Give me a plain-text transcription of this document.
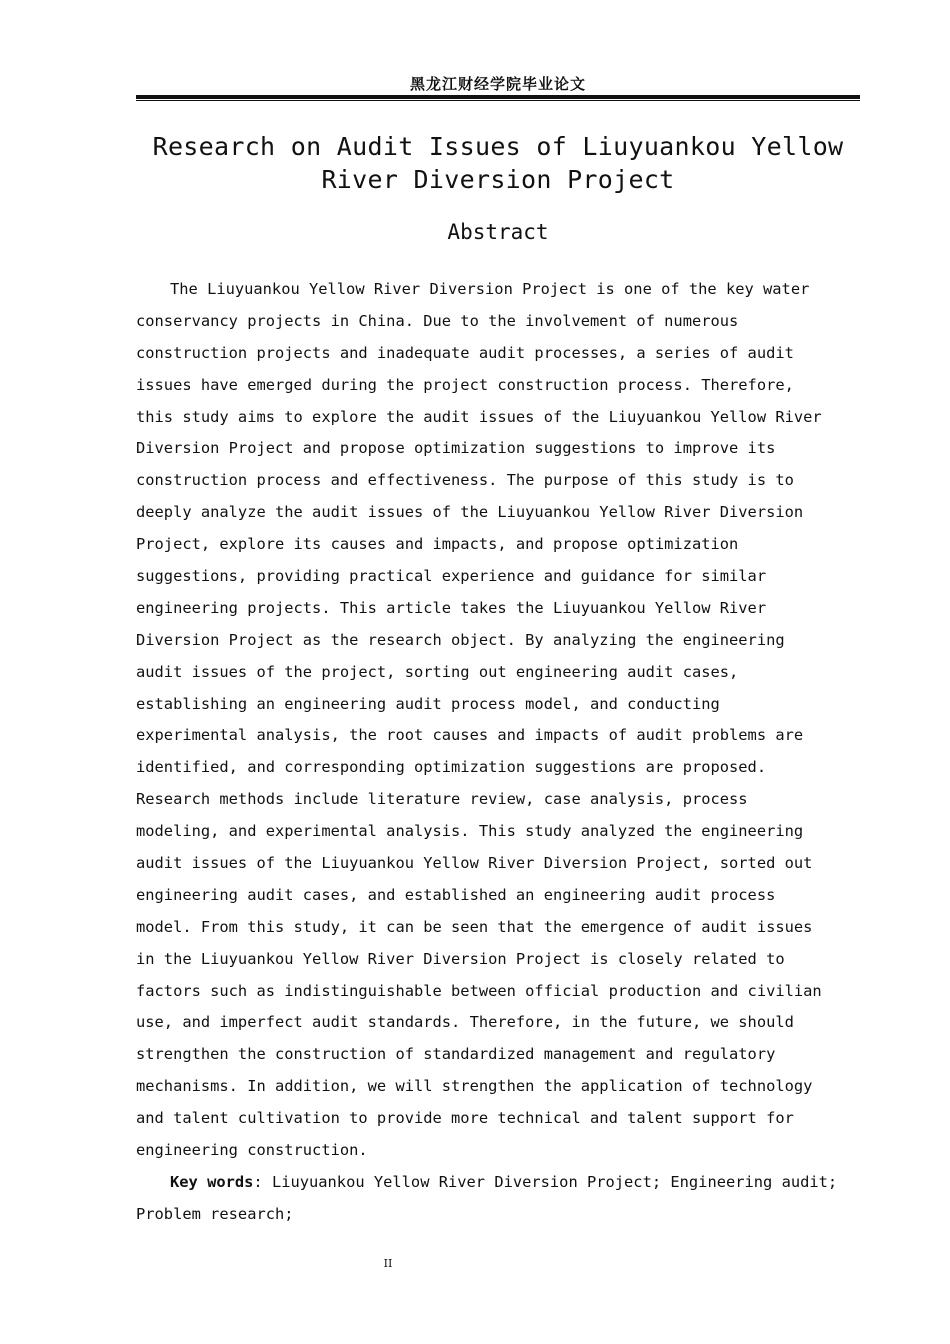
黑龙江财经学院毕业论文
Research on Audit Issues of Liuyuankou Yellow
River Diversion Project
Abstract
The Liuyuankou Yellow River Diversion Project is one of the key water
conservancy projects in China. Due to the involvement of numerous
construction projects and inadequate audit processes, a series of audit
issues have emerged during the project construction process. Therefore,
this study aims to explore the audit issues of the Liuyuankou Yellow River
Diversion Project and propose optimization suggestions to improve its
construction process and effectiveness. The purpose of this study is to
deeply analyze the audit issues of the Liuyuankou Yellow River Diversion
Project, explore its causes and impacts, and propose optimization
suggestions, providing practical experience and guidance for similar
engineering projects. This article takes the Liuyuankou Yellow River
Diversion Project as the research object. By analyzing the engineering
audit issues of the project, sorting out engineering audit cases,
establishing an engineering audit process model, and conducting
experimental analysis, the root causes and impacts of audit problems are
identified, and corresponding optimization suggestions are proposed.
Research methods include literature review, case analysis, process
modeling, and experimental analysis. This study analyzed the engineering
audit issues of the Liuyuankou Yellow River Diversion Project, sorted out
engineering audit cases, and established an engineering audit process
model. From this study, it can be seen that the emergence of audit issues
in the Liuyuankou Yellow River Diversion Project is closely related to
factors such as indistinguishable between official production and civilian
use, and imperfect audit standards. Therefore, in the future, we should
strengthen the construction of standardized management and regulatory
mechanisms. In addition, we will strengthen the application of technology
and talent cultivation to provide more technical and talent support for
engineering construction.
Key words: Liuyuankou Yellow River Diversion Project; Engineering audit;
Problem research;
II
